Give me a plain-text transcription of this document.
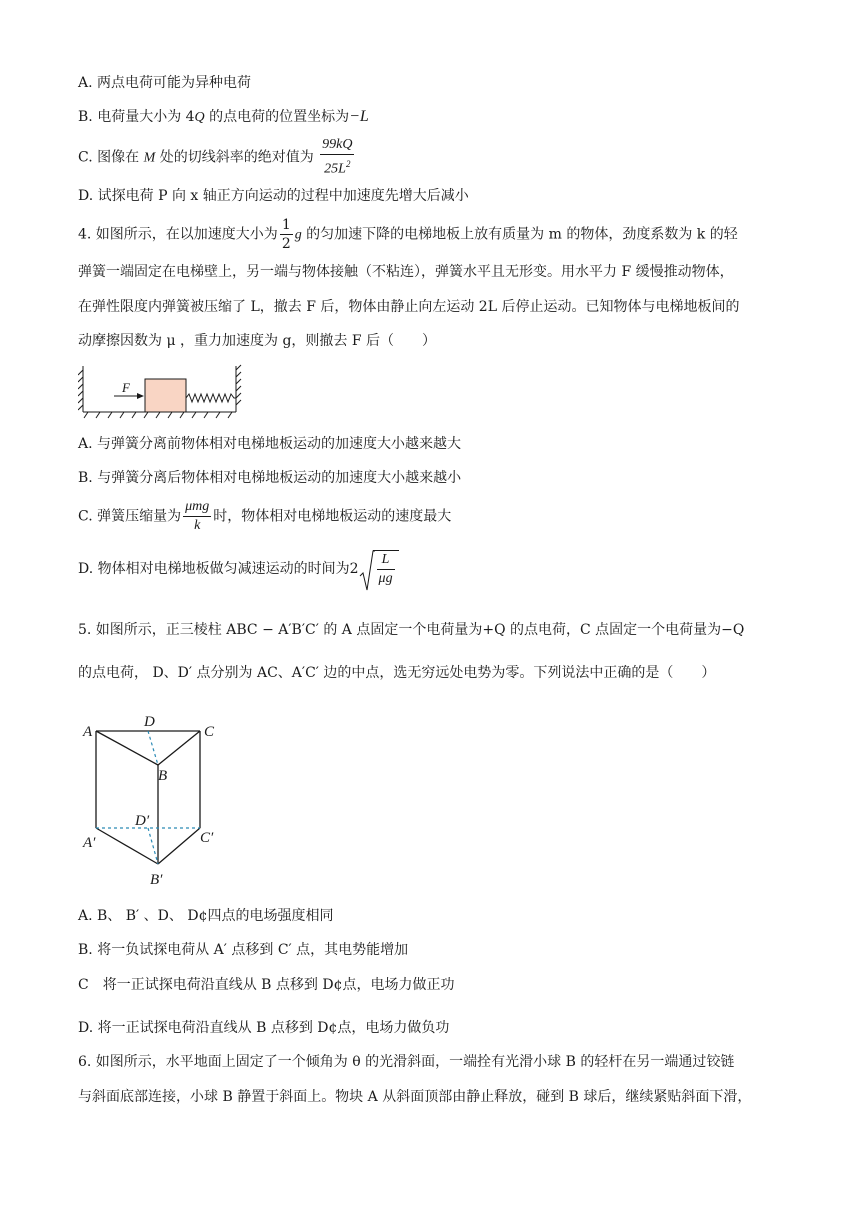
A. 两点电荷可能为异种电荷
B. 电荷量大小为 4Q 的点电荷的位置坐标为−L
C. 图像在 M 处的切线斜率的绝对值为 $\frac{99kQ}{25L^2}$
D. 试探电荷 P 向 x 轴正方向运动的过程中加速度先增大后减小
4. 如图所示，在以加速度大小为 $\frac{1}{2}$ g 的匀加速下降的电梯地板上放有质量为 m 的物体，劲度系数为 k 的轻
弹簧一端固定在电梯壁上，另一端与物体接触（不粘连），弹簧水平且无形变。用水平力 F 缓慢推动物体，
在弹性限度内弹簧被压缩了 L，撤去 F 后，物体由静止向左运动 2L 后停止运动。已知物体与电梯地板间的
动摩擦因数为 μ ，重力加速度为 g，则撤去 F 后（　　）
F
A. 与弹簧分离前物体相对电梯地板运动的加速度大小越来越大
B. 与弹簧分离后物体相对电梯地板运动的加速度大小越来越小
C. 弹簧压缩量为 $\frac{\text{μmg}}{k}$ 时，物体相对电梯地板运动的速度最大
D. 物体相对电梯地板做匀减速运动的时间为$2 \frac{L}{\mu g}$
5. 如图所示，正三棱柱 ABC − A′B′C′ 的 A 点固定一个电荷量为+Q 的点电荷，C 点固定一个电荷量为−Q
的点电荷， D、D′ 点分别为 AC、A′C′ 边的中点，选无穷远处电势为零。下列说法中正确的是（　　）
A
D
C
B
D′
A′	C′
B′
A. B、 B′ 、D、 D¢四点的电场强度相同
B. 将一负试探电荷从 A′ 点移到 C′ 点，其电势能增加
C　将一正试探电荷沿直线从 B 点移到 D¢点，电场力做正功
D. 将一正试探电荷沿直线从 B 点移到 D¢点，电场力做负功
6. 如图所示，水平地面上固定了一个倾角为 θ 的光滑斜面，一端拴有光滑小球 B 的轻杆在另一端通过铰链
与斜面底部连接，小球 B 静置于斜面上。物块 A 从斜面顶部由静止释放，碰到 B 球后，继续紧贴斜面下滑，
